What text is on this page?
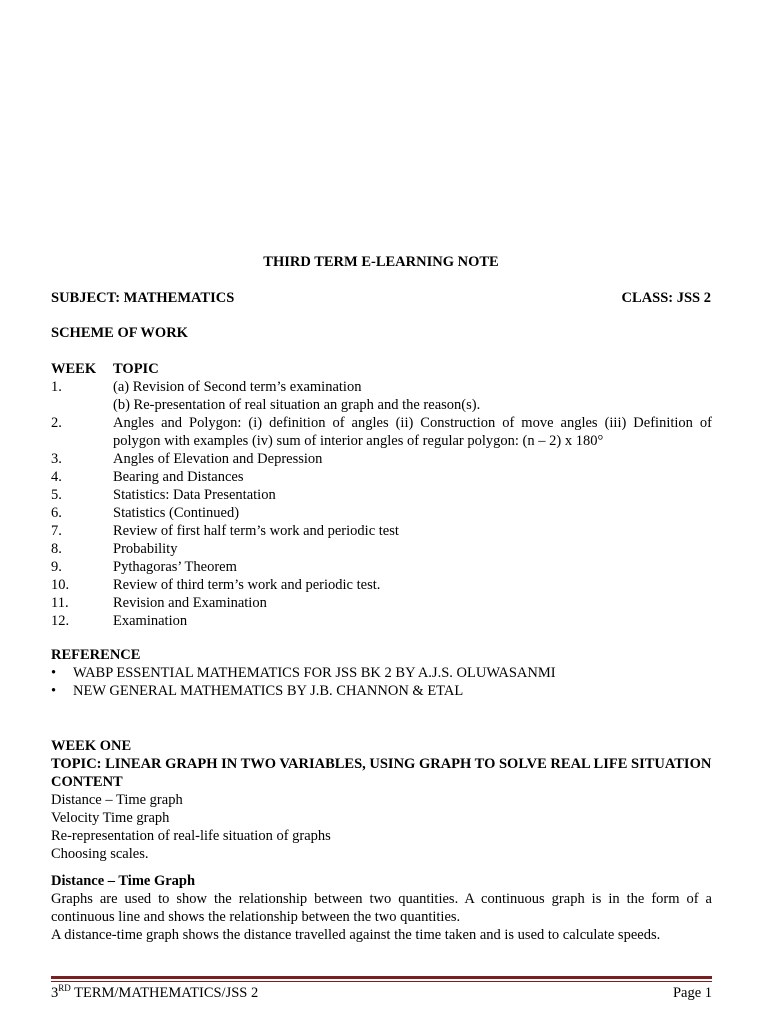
THIRD TERM E-LEARNING NOTE
SUBJECT: MATHEMATICS	CLASS: JSS 2
SCHEME OF WORK
WEEK	TOPIC
1.	(a) Revision of Second term’s examination
(b) Re-presentation of real situation an graph and the reason(s).
2.	Angles and Polygon: (i) definition of angles (ii) Construction of move angles (iii) Definition of polygon with examples (iv) sum of interior angles of regular polygon: (n – 2) x 180°
3.	Angles of Elevation and Depression
4.	Bearing and Distances
5.	Statistics: Data Presentation
6.	Statistics (Continued)
7.	Review of first half term’s work and periodic test
8.	Probability
9.	Pythagoras’ Theorem
10.	Review of third term’s work and periodic test.
11.	Revision and Examination
12.	Examination
REFERENCE
•	WABP ESSENTIAL MATHEMATICS FOR JSS BK 2 BY A.J.S. OLUWASANMI
•	NEW GENERAL MATHEMATICS BY J.B. CHANNON & ETAL
WEEK ONE
TOPIC: LINEAR GRAPH IN TWO VARIABLES, USING GRAPH TO SOLVE REAL LIFE SITUATION
CONTENT
Distance – Time graph
Velocity Time graph
Re-representation of real-life situation of graphs
Choosing scales.
Distance – Time Graph
Graphs are used to show the relationship between two quantities. A continuous graph is in the form of a continuous line and shows the relationship between the two quantities.
A distance-time graph shows the distance travelled against the time taken and is used to calculate speeds.
3RD TERM/MATHEMATICS/JSS 2	Page 1
